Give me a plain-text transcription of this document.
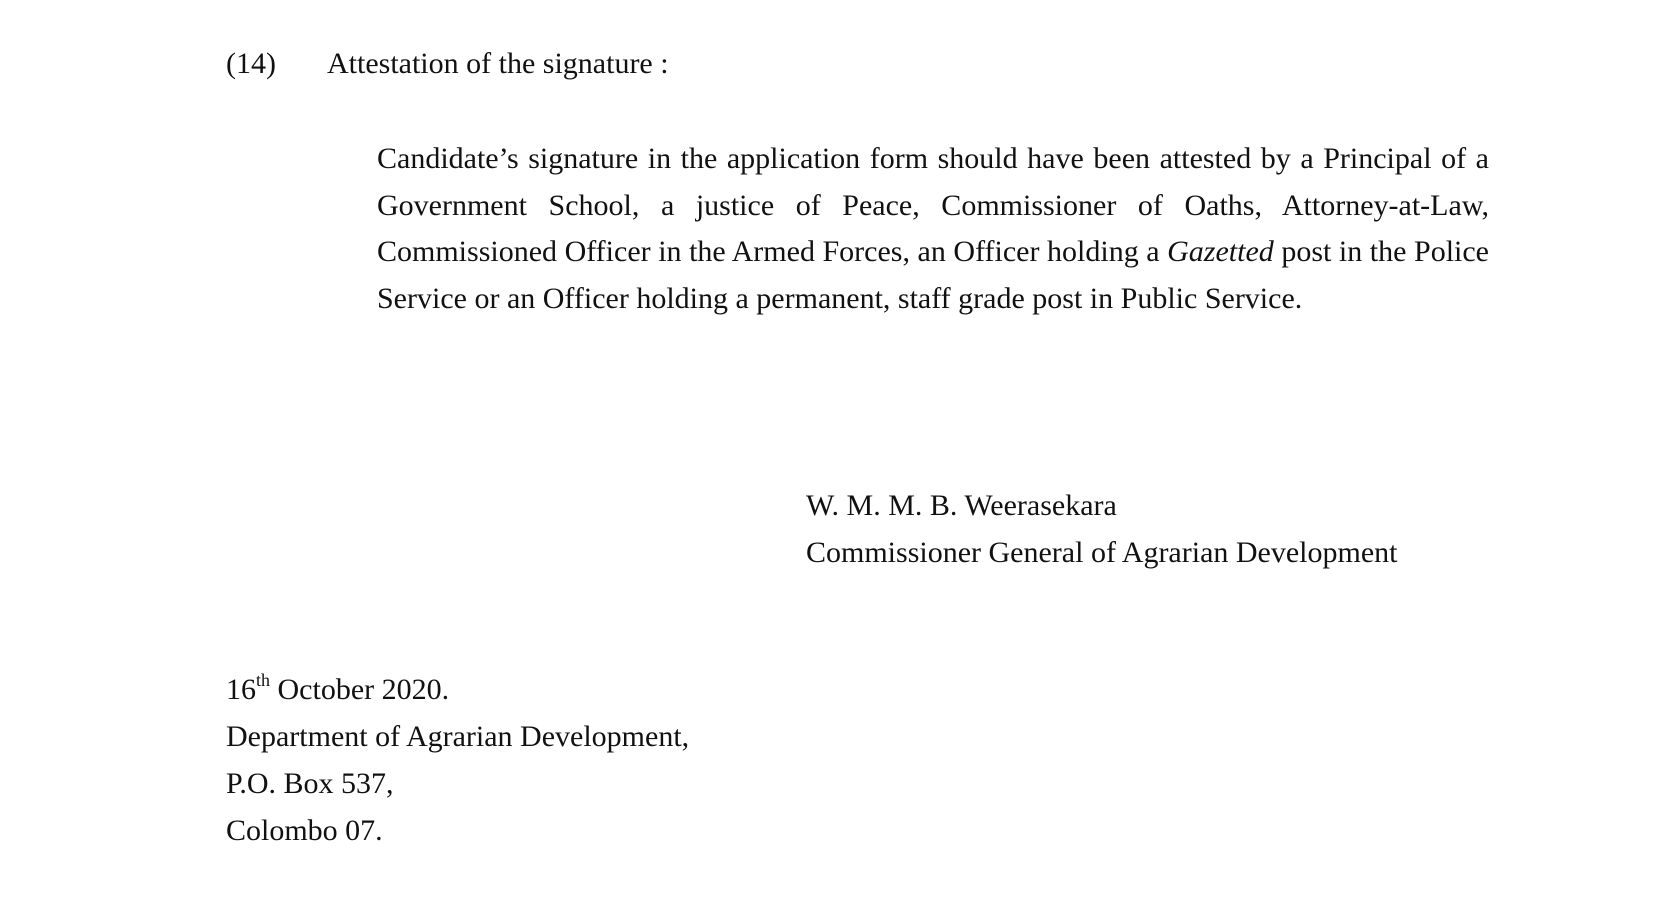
(14) Attestation of the signature :

Candidate’s signature in the application form should have been attested by a Principal of a Government School, a justice of Peace, Commissioner of Oaths, Attorney-at-Law, Commissioned Officer in the Armed Forces, an Officer holding a Gazetted post in the Police Service or an Officer holding a permanent, staff grade post in Public Service.

W. M. M. B. Weerasekara
Commissioner General of Agrarian Development
16th October 2020.
Department of Agrarian Development,
P.O. Box 537,
Colombo 07.
